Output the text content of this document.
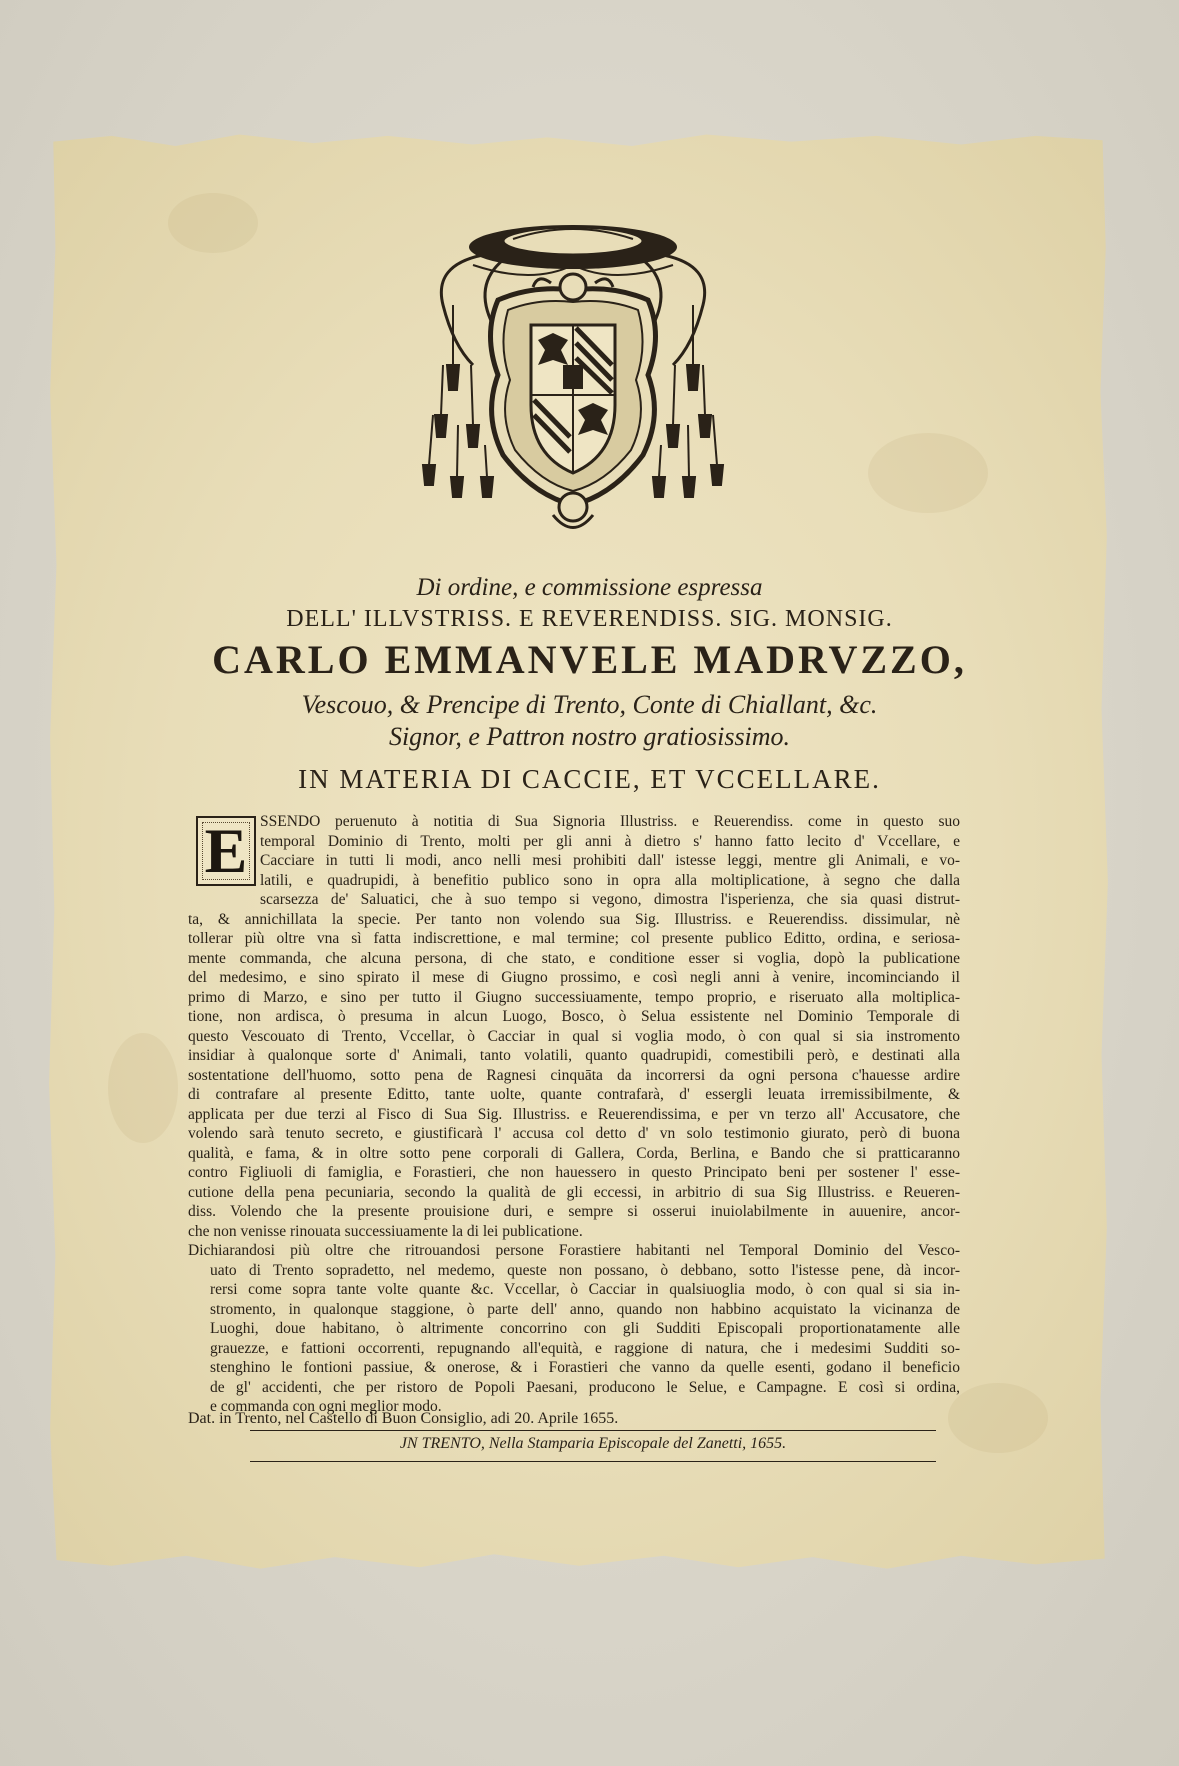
Di ordine, e commissione espressa
DELL' ILLVSTRISS. E REVERENDISS. SIG. MONSIG.
CARLO EMMANVELE MADRVZZO,
Vescouo, & Prencipe di Trento, Conte di Chiallant, &c.
Signor, e Pattron nostro gratiosissimo.
IN MATERIA DI CACCIE, ET VCCELLARE.
E SSENDO peruenuto à notitia di Sua Signoria Illustriss. e Reuerendiss. come in questo suo
temporal Dominio di Trento, molti per gli anni à dietro s' hanno fatto lecito d' Vccellare, e
Cacciare in tutti li modi, anco nelli mesi prohibiti dall' istesse leggi, mentre gli Animali, e vo-
latili, e quadrupidi, à benefitio publico sono in opra alla moltiplicatione, à segno che dalla
scarsezza de' Saluatici, che à suo tempo si vegono, dimostra l'isperienza, che sia quasi distrut-
ta, & annichillata la specie. Per tanto non volendo sua Sig. Illustriss. e Reuerendiss. dissimular, nè
tollerar più oltre vna sì fatta indiscrettione, e mal termine; col presente publico Editto, ordina, e seriosa-
mente commanda, che alcuna persona, di che stato, e conditione esser si voglia, dopò la publicatione
del medesimo, e sino spirato il mese di Giugno prossimo, e così negli anni à venire, incominciando il
primo di Marzo, e sino per tutto il Giugno successiuamente, tempo proprio, e riseruato alla moltiplica-
tione, non ardisca, ò presuma in alcun Luogo, Bosco, ò Selua essistente nel Dominio Temporale di
questo Vescouato di Trento, Vccellar, ò Cacciar in qual si voglia modo, ò con qual si sia instromento
insidiar à qualonque sorte d' Animali, tanto volatili, quanto quadrupidi, comestibili però, e destinati alla
sostentatione dell'huomo, sotto pena de Ragnesi cinquāta da incorrersi da ogni persona c'hauesse ardire
di contrafare al presente Editto, tante uolte, quante contrafarà, d' essergli leuata irremissibilmente, &
applicata per due terzi al Fisco di Sua Sig. Illustriss. e Reuerendissima, e per vn terzo all' Accusatore, che
volendo sarà tenuto secreto, e giustificarà l' accusa col detto d' vn solo testimonio giurato, però di buona
qualità, e fama, & in oltre sotto pene corporali di Gallera, Corda, Berlina, e Bando che si pratticaranno
contro Figliuoli di famiglia, e Forastieri, che non hauessero in questo Principato beni per sostener l' esse-
cutione della pena pecuniaria, secondo la qualità de gli eccessi, in arbitrio di sua Sig Illustriss. e Reueren-
diss. Volendo che la presente prouisione duri, e sempre si osserui inuiolabilmente in auuenire, ancor-
che non venisse rinouata successiuamente la di lei publicatione.
Dichiarandosi più oltre che ritrouandosi persone Forastiere habitanti nel Temporal Dominio del Vesco-
uato di Trento sopradetto, nel medemo, queste non possano, ò debbano, sotto l'istesse pene, dà incor-
rersi come sopra tante volte quante &c. Vccellar, ò Cacciar in qualsiuoglia modo, ò con qual si sia in-
stromento, in qualonque staggione, ò parte dell' anno, quando non habbino acquistato la vicinanza de
Luoghi, doue habitano, ò altrimente concorrino con gli Sudditi Episcopali proportionatamente alle
grauezze, e fattioni occorrenti, repugnando all'equità, e raggione di natura, che i medesimi Sudditi so-
stenghino le fontioni passiue, & onerose, & i Forastieri che vanno da quelle esenti, godano il beneficio
de gl' accidenti, che per ristoro de Popoli Paesani, producono le Selue, e Campagne. E così si ordina,
e commanda con ogni meglior modo.
Dat. in Trento, nel Castello di Buon Consiglio, adi 20. Aprile 1655.
JN TRENTO, Nella Stamparia Episcopale del Zanetti, 1655.
